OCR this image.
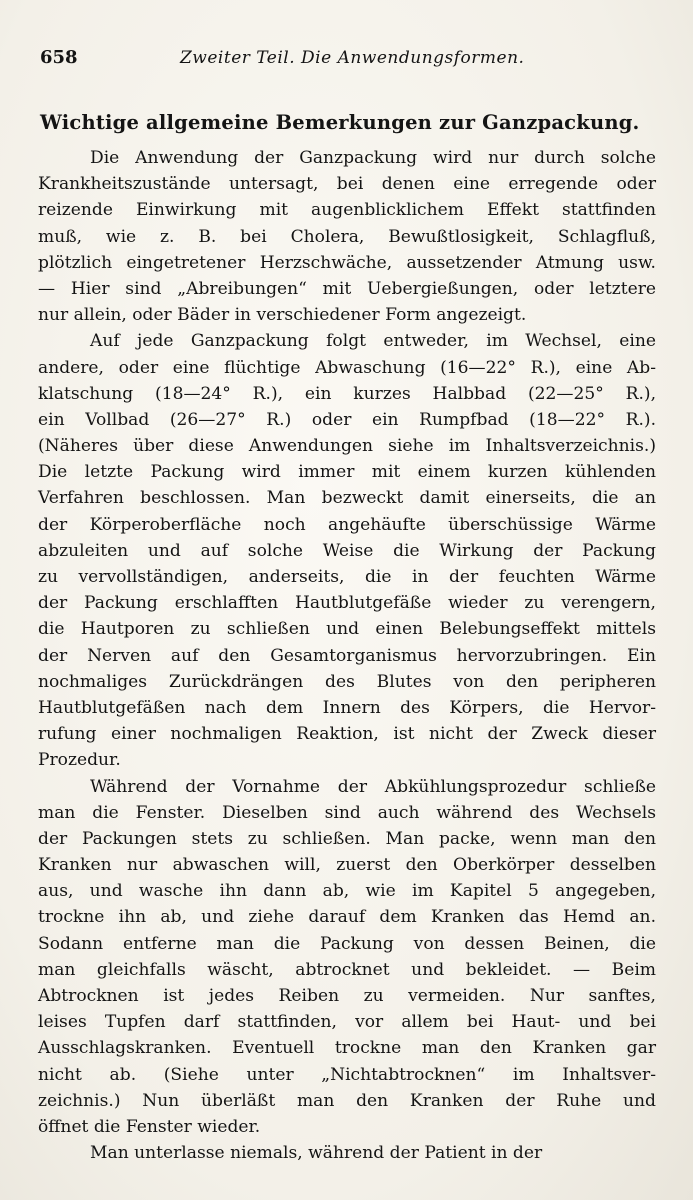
658	Zweiter Teil. Die Anwendungsformen.
Wichtige allgemeine Bemerkungen zur Ganzpackung.
Die Anwendung der Ganzpackung wird nur durch solche
Krankheitszustände untersagt, bei denen eine erregende oder
reizende Einwirkung mit augenblicklichem Effekt stattfinden
muß, wie z. B. bei Cholera, Bewußtlosigkeit, Schlagfluß,
plötzlich eingetretener Herzschwäche, aussetzender Atmung usw.
— Hier sind „Abreibungen“ mit Uebergießungen, oder letztere
nur allein, oder Bäder in verschiedener Form angezeigt.
Auf jede Ganzpackung folgt entweder, im Wechsel, eine
andere, oder eine flüchtige Abwaschung (16—22° R.), eine Ab-
klatschung (18—24° R.), ein kurzes Halbbad (22—25° R.),
ein Vollbad (26—27° R.) oder ein Rumpfbad (18—22° R.).
(Näheres über diese Anwendungen siehe im Inhaltsverzeichnis.)
Die letzte Packung wird immer mit einem kurzen kühlenden
Verfahren beschlossen. Man bezweckt damit einerseits, die an
der Körperoberfläche noch angehäufte überschüssige Wärme
abzuleiten und auf solche Weise die Wirkung der Packung
zu vervollständigen, anderseits, die in der feuchten Wärme
der Packung erschlafften Hautblutgefäße wieder zu verengern,
die Hautporen zu schließen und einen Belebungseffekt mittels
der Nerven auf den Gesamtorganismus hervorzubringen. Ein
nochmaliges Zurückdrängen des Blutes von den peripheren
Hautblutgefäßen nach dem Innern des Körpers, die Hervor-
rufung einer nochmaligen Reaktion, ist nicht der Zweck dieser
Prozedur.
Während der Vornahme der Abkühlungsprozedur schließe
man die Fenster. Dieselben sind auch während des Wechsels
der Packungen stets zu schließen. Man packe, wenn man den
Kranken nur abwaschen will, zuerst den Oberkörper desselben
aus, und wasche ihn dann ab, wie im Kapitel 5 angegeben,
trockne ihn ab, und ziehe darauf dem Kranken das Hemd an.
Sodann entferne man die Packung von dessen Beinen, die
man gleichfalls wäscht, abtrocknet und bekleidet. — Beim
Abtrocknen ist jedes Reiben zu vermeiden. Nur sanftes,
leises Tupfen darf stattfinden, vor allem bei Haut- und bei
Ausschlagskranken. Eventuell trockne man den Kranken gar
nicht ab. (Siehe unter „Nichtabtrocknen“ im Inhaltsver-
zeichnis.) Nun überläßt man den Kranken der Ruhe und
öffnet die Fenster wieder.
Man unterlasse niemals, während der Patient in der
